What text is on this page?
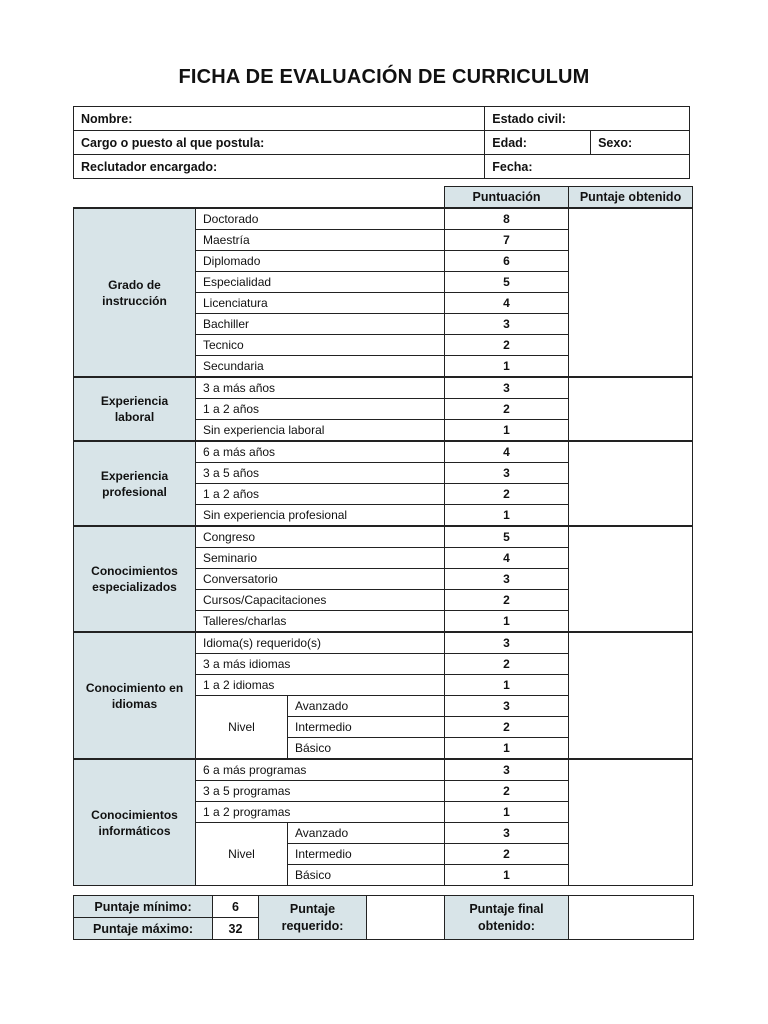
FICHA DE EVALUACIÓN DE CURRICULUM
Nombre:	Estado civil:	
Cargo o puesto al que postula:	Edad:	Sexo:
Reclutador encargado:	Fecha:	
			Puntuación	Puntaje obtenido
Grado de instrucción	Doctorado		8	
	Maestría		7	
	Diplomado		6	
	Especialidad		5	
	Licenciatura		4	
	Bachiller		3	
	Tecnico		2	
	Secundaria		1	
Experiencia laboral	3 a más años		3	
	1 a 2 años		2	
	Sin experiencia laboral		1	
Experiencia profesional	6 a más años		4	
	3 a 5 años		3	
	1 a 2 años		2	
	Sin experiencia profesional		1	
Conocimientos especializados	Congreso		5	
	Seminario		4	
	Conversatorio		3	
	Cursos/Capacitaciones		2	
	Talleres/charlas		1	
Conocimiento en idiomas	Idioma(s) requerido(s)		3	
	3 a más idiomas		2	
	1 a 2 idiomas		1	
	Nivel	Avanzado	3	
		Intermedio	2	
		Básico	1	
Conocimientos informáticos	6 a más programas		3	
	3 a 5 programas		2	
	1 a 2 programas		1	
	Nivel	Avanzado	3	
		Intermedio	2	
		Básico	1	
Puntaje mínimo:	6	Puntaje requerido:		Puntaje final obtenido:	
Puntaje máximo:	32				
